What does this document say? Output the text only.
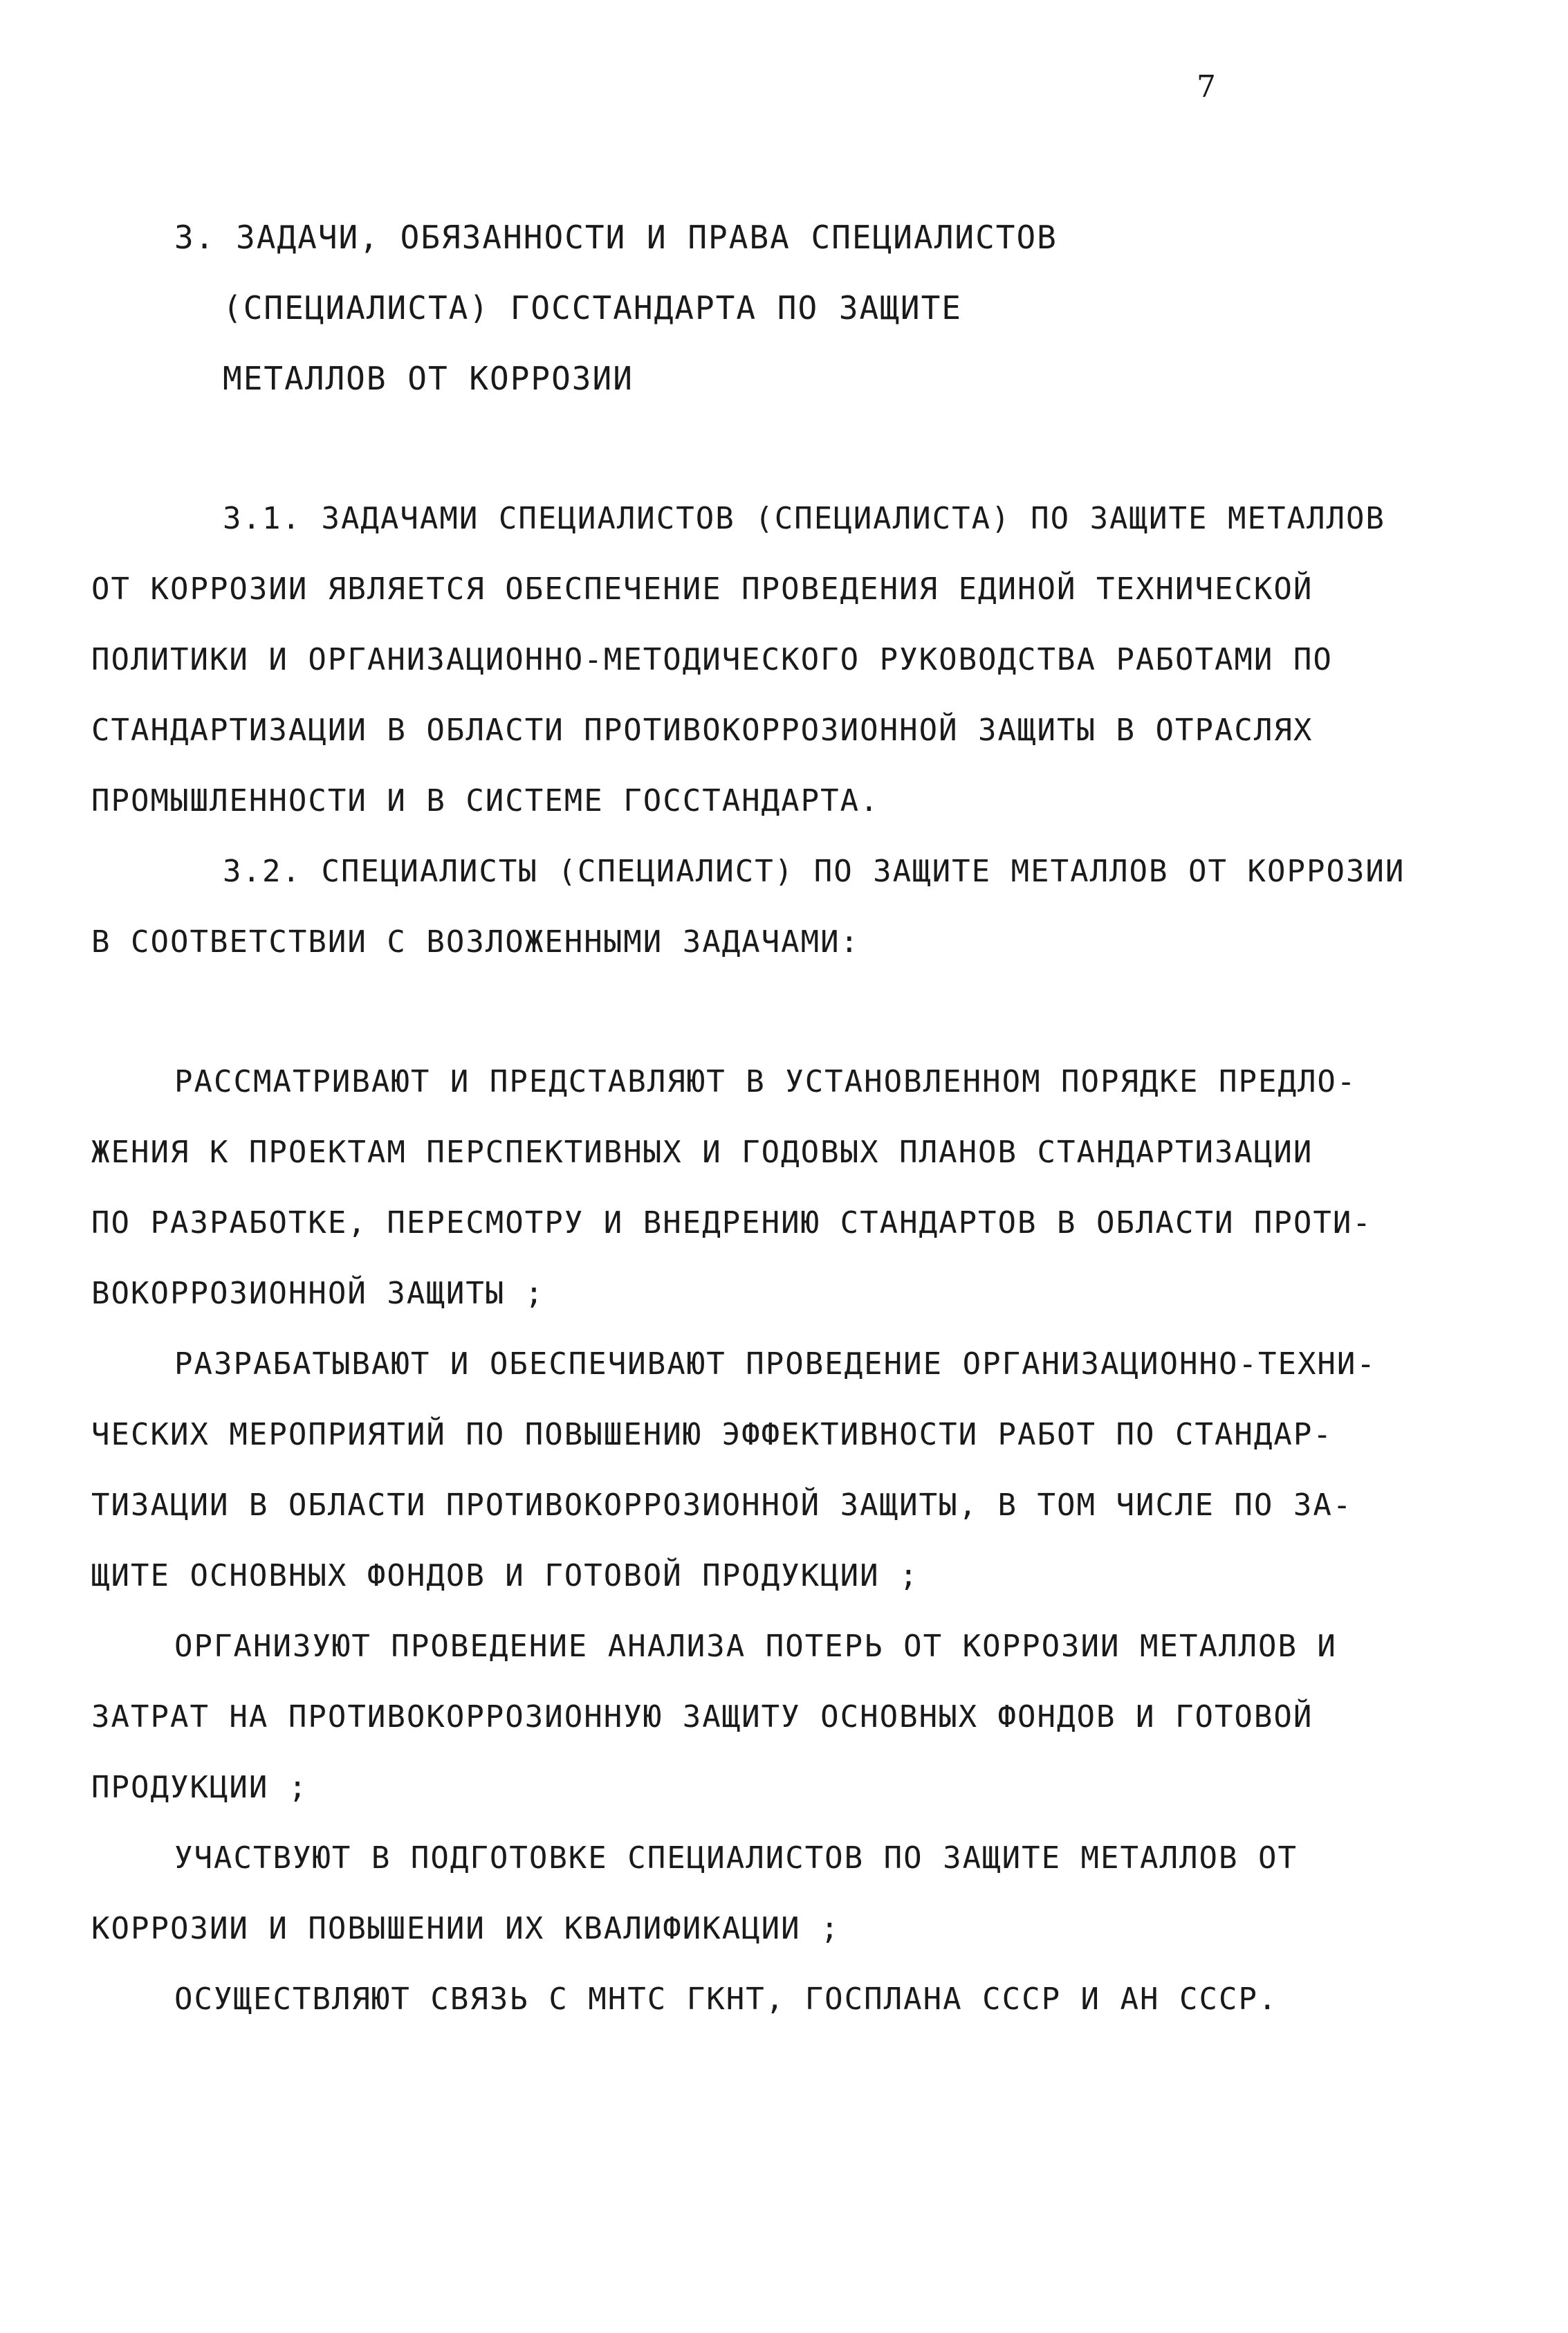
7
3. ЗАДАЧИ, ОБЯЗАННОСТИ И ПРАВА СПЕЦИАЛИСТОВ
(СПЕЦИАЛИСТА) ГОССТАНДАРТА ПО ЗАЩИТЕ
МЕТАЛЛОВ ОТ КОРРОЗИИ
3.1. ЗАДАЧАМИ СПЕЦИАЛИСТОВ (СПЕЦИАЛИСТА) ПО ЗАЩИТЕ МЕТАЛЛОВ
ОТ КОРРОЗИИ ЯВЛЯЕТСЯ ОБЕСПЕЧЕНИЕ ПРОВЕДЕНИЯ ЕДИНОЙ ТЕХНИЧЕСКОЙ
ПОЛИТИКИ И ОРГАНИЗАЦИОННО-МЕТОДИЧЕСКОГО РУКОВОДСТВА РАБОТАМИ ПО
СТАНДАРТИЗАЦИИ В ОБЛАСТИ ПРОТИВОКОРРОЗИОННОЙ ЗАЩИТЫ В ОТРАСЛЯХ
ПРОМЫШЛЕННОСТИ И В СИСТЕМЕ ГОССТАНДАРТА.
3.2. СПЕЦИАЛИСТЫ (СПЕЦИАЛИСТ) ПО ЗАЩИТЕ МЕТАЛЛОВ ОТ КОРРОЗИИ
В СООТВЕТСТВИИ С ВОЗЛОЖЕННЫМИ ЗАДАЧАМИ:
РАССМАТРИВАЮТ И ПРЕДСТАВЛЯЮТ В УСТАНОВЛЕННОМ ПОРЯДКЕ ПРЕДЛО-
ЖЕНИЯ К ПРОЕКТАМ ПЕРСПЕКТИВНЫХ И ГОДОВЫХ ПЛАНОВ СТАНДАРТИЗАЦИИ
ПО РАЗРАБОТКЕ, ПЕРЕСМОТРУ И ВНЕДРЕНИЮ СТАНДАРТОВ В ОБЛАСТИ ПРОТИ-
ВОКОРРОЗИОННОЙ ЗАЩИТЫ ;
РАЗРАБАТЫВАЮТ И ОБЕСПЕЧИВАЮТ ПРОВЕДЕНИЕ ОРГАНИЗАЦИОННО-ТЕХНИ-
ЧЕСКИХ МЕРОПРИЯТИЙ ПО ПОВЫШЕНИЮ ЭФФЕКТИВНОСТИ РАБОТ ПО СТАНДАР-
ТИЗАЦИИ В ОБЛАСТИ ПРОТИВОКОРРОЗИОННОЙ ЗАЩИТЫ, В ТОМ ЧИСЛЕ ПО ЗА-
ЩИТЕ ОСНОВНЫХ ФОНДОВ И ГОТОВОЙ ПРОДУКЦИИ ;
ОРГАНИЗУЮТ ПРОВЕДЕНИЕ АНАЛИЗА ПОТЕРЬ ОТ КОРРОЗИИ МЕТАЛЛОВ И
ЗАТРАТ НА ПРОТИВОКОРРОЗИОННУЮ ЗАЩИТУ ОСНОВНЫХ ФОНДОВ И ГОТОВОЙ
ПРОДУКЦИИ ;
УЧАСТВУЮТ В ПОДГОТОВКЕ СПЕЦИАЛИСТОВ ПО ЗАЩИТЕ МЕТАЛЛОВ ОТ
КОРРОЗИИ И ПОВЫШЕНИИ ИХ КВАЛИФИКАЦИИ ;
ОСУЩЕСТВЛЯЮТ СВЯЗЬ С МНТС ГКНТ, ГОСПЛАНА СССР И АН СССР.
